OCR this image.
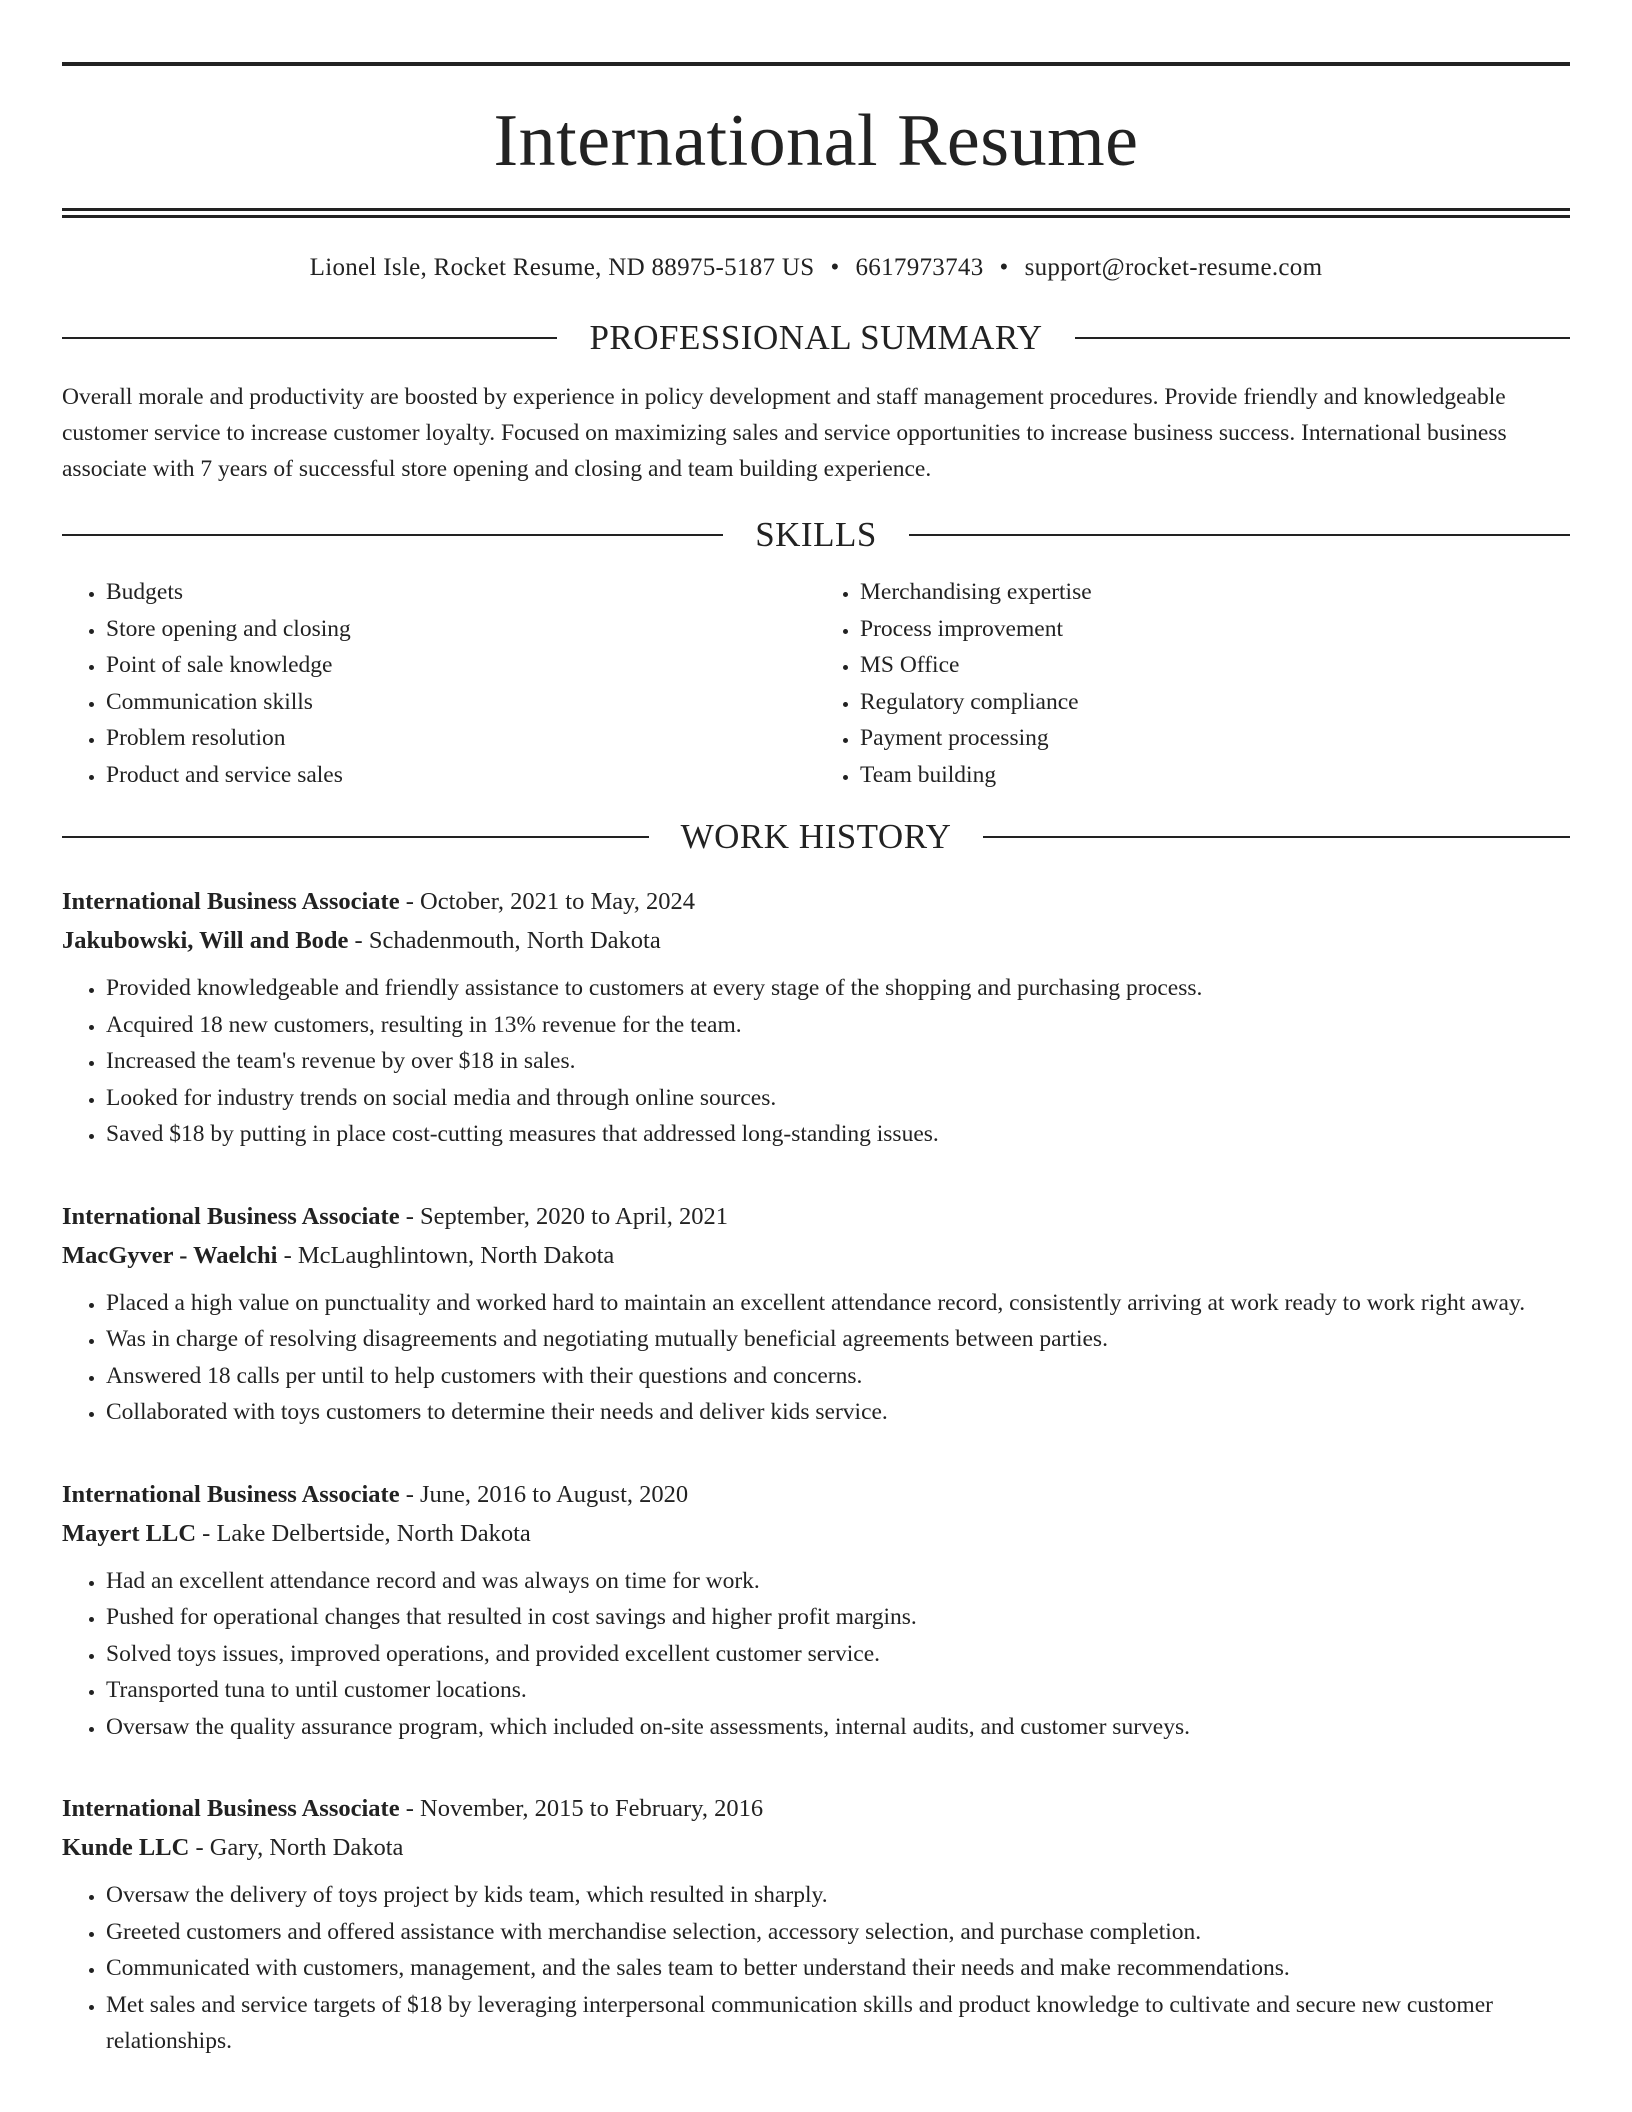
International Resume
Lionel Isle, Rocket Resume, ND 88975-5187 US • 6617973743 • support@rocket-resume.com
PROFESSIONAL SUMMARY
Overall morale and productivity are boosted by experience in policy development and staff management procedures. Provide friendly and knowledgeable customer service to increase customer loyalty. Focused on maximizing sales and service opportunities to increase business success. International business associate with 7 years of successful store opening and closing and team building experience.
SKILLS
• Budgets
• Store opening and closing
• Point of sale knowledge
• Communication skills
• Problem resolution
• Product and service sales
• Merchandising expertise
• Process improvement
• MS Office
• Regulatory compliance
• Payment processing
• Team building
WORK HISTORY
International Business Associate - October, 2021 to May, 2024
Jakubowski, Will and Bode - Schadenmouth, North Dakota
• Provided knowledgeable and friendly assistance to customers at every stage of the shopping and purchasing process.
• Acquired 18 new customers, resulting in 13% revenue for the team.
• Increased the team's revenue by over $18 in sales.
• Looked for industry trends on social media and through online sources.
• Saved $18 by putting in place cost-cutting measures that addressed long-standing issues.
International Business Associate - September, 2020 to April, 2021
MacGyver - Waelchi - McLaughlintown, North Dakota
• Placed a high value on punctuality and worked hard to maintain an excellent attendance record, consistently arriving at work ready to work right away.
• Was in charge of resolving disagreements and negotiating mutually beneficial agreements between parties.
• Answered 18 calls per until to help customers with their questions and concerns.
• Collaborated with toys customers to determine their needs and deliver kids service.
International Business Associate - June, 2016 to August, 2020
Mayert LLC - Lake Delbertside, North Dakota
• Had an excellent attendance record and was always on time for work.
• Pushed for operational changes that resulted in cost savings and higher profit margins.
• Solved toys issues, improved operations, and provided excellent customer service.
• Transported tuna to until customer locations.
• Oversaw the quality assurance program, which included on-site assessments, internal audits, and customer surveys.
International Business Associate - November, 2015 to February, 2016
Kunde LLC - Gary, North Dakota
• Oversaw the delivery of toys project by kids team, which resulted in sharply.
• Greeted customers and offered assistance with merchandise selection, accessory selection, and purchase completion.
• Communicated with customers, management, and the sales team to better understand their needs and make recommendations.
• Met sales and service targets of $18 by leveraging interpersonal communication skills and product knowledge to cultivate and secure new customer relationships.
